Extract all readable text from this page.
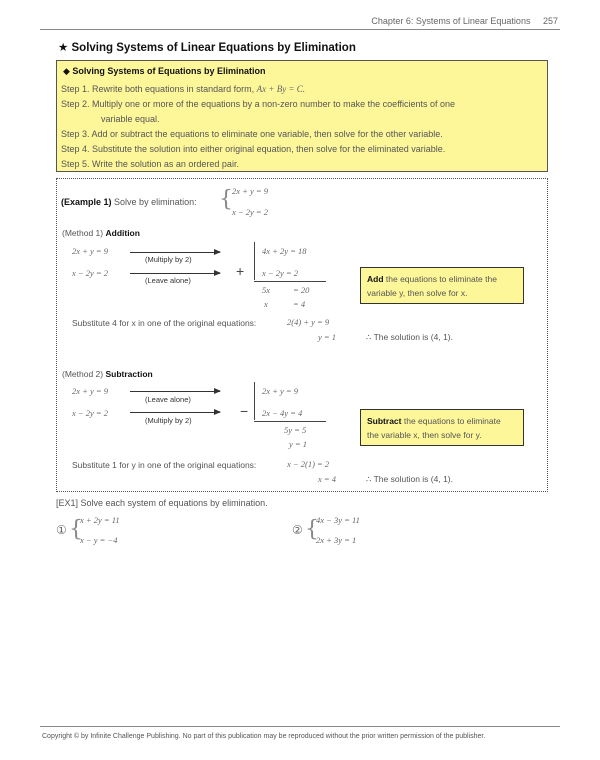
Chapter 6: Systems of Linear Equations 257
★ Solving Systems of Linear Equations by Elimination
◆ Solving Systems of Equations by Elimination
Step 1. Rewrite both equations in standard form, Ax + By = C.
Step 2. Multiply one or more of the equations by a non-zero number to make the coefficients of one
variable equal.
Step 3. Add or subtract the equations to eliminate one variable, then solve for the other variable.
Step 4. Substitute the solution into either original equation, then solve for the eliminated variable.
Step 5. Write the solution as an ordered pair.
(Example 1) Solve by elimination: { 2x + y = 9
x − 2y = 2
(Method 1) Addition
2x + y = 9
x − 2y = 2
(Multiply by 2)
(Leave alone)
+
4x + 2y = 18
x − 2y = 2
5x	= 20
x	= 4
Add the equations to eliminate the
variable y, then solve for x.
Substitute 4 for x in one of the original equations:	2(4) + y = 9
y = 1	∴ The solution is (4, 1).
(Method 2) Subtraction
2x + y = 9
x − 2y = 2
(Leave alone)
(Multiply by 2)
−
2x + y = 9
2x − 4y = 4
5y = 5
y = 1
Subtract the equations to eliminate
the variable x, then solve for y.
Substitute 1 for y in one of the original equations:	x − 2(1) = 2
x = 4	∴ The solution is (4, 1).
[EX1] Solve each system of equations by elimination.
① {
x + 2y = 11
x − y = −4
② {
4x − 3y = 11
2x + 3y = 1
Copyright © by Infinite Challenge Publishing. No part of this publication may be reproduced without the prior written permission of the publisher.
